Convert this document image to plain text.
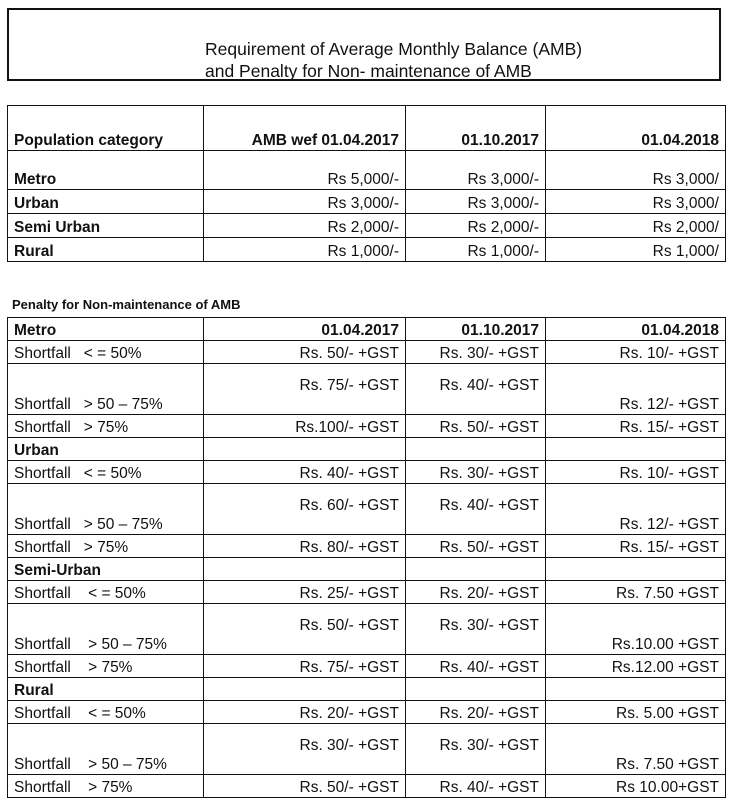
Requirement of Average Monthly Balance (AMB)
and Penalty for Non- maintenance of AMB
Population category	AMB wef 01.04.2017	01.10.2017	01.04.2018
Metro	Rs 5,000/-	Rs 3,000/-	Rs 3,000/
Urban	Rs 3,000/-	Rs 3,000/-	Rs 3,000/
Semi Urban	Rs 2,000/-	Rs 2,000/-	Rs 2,000/
Rural	Rs 1,000/-	Rs 1,000/-	Rs 1,000/
Penalty for Non-maintenance of AMB
Metro	01.04.2017	01.10.2017	01.04.2018
Shortfall   < = 50%	Rs. 50/- +GST	Rs. 30/- +GST	Rs. 10/- +GST
Shortfall   > 50 – 75%	Rs. 75/- +GST	Rs. 40/- +GST	Rs. 12/- +GST
Shortfall   > 75%	Rs.100/- +GST	Rs. 50/- +GST	Rs. 15/- +GST
Urban			
Shortfall   < = 50%	Rs. 40/- +GST	Rs. 30/- +GST	Rs. 10/- +GST
Shortfall   > 50 – 75%	Rs. 60/- +GST	Rs. 40/- +GST	Rs. 12/- +GST
Shortfall   > 75%	Rs. 80/- +GST	Rs. 50/- +GST	Rs. 15/- +GST
Semi-Urban			
Shortfall    < = 50%	Rs. 25/- +GST	Rs. 20/- +GST	Rs. 7.50 +GST
Shortfall    > 50 – 75%	Rs. 50/- +GST	Rs. 30/- +GST	Rs.10.00 +GST
Shortfall    > 75%	Rs. 75/- +GST	Rs. 40/- +GST	Rs.12.00 +GST
Rural			
Shortfall    < = 50%	Rs. 20/- +GST	Rs. 20/- +GST	Rs. 5.00 +GST
Shortfall    > 50 – 75%	Rs. 30/- +GST	Rs. 30/- +GST	Rs. 7.50 +GST
Shortfall    > 75%	Rs. 50/- +GST	Rs. 40/- +GST	Rs 10.00+GST
